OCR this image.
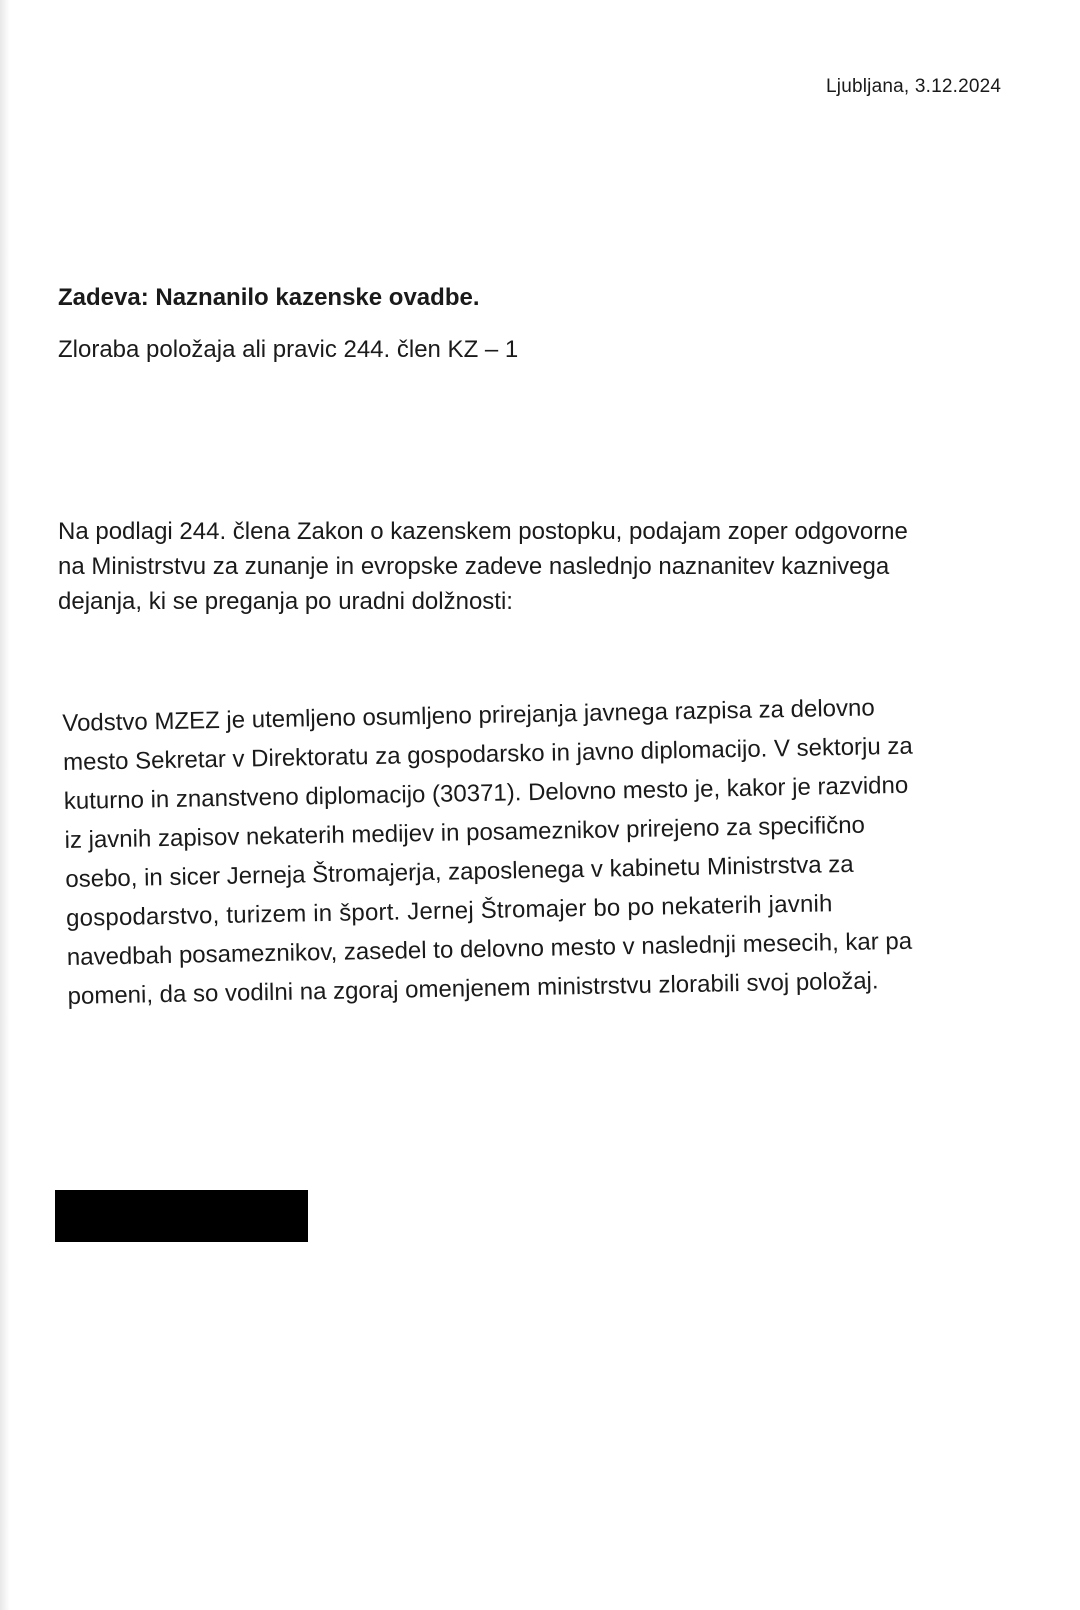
Ljubljana, 3.12.2024
Zadeva: Naznanilo kazenske ovadbe.
Zloraba položaja ali pravic 244. člen KZ – 1
Na podlagi 244. člena Zakon o kazenskem postopku, podajam zoper odgovorne
na Ministrstvu za zunanje in evropske zadeve naslednjo naznanitev kaznivega
dejanja, ki se preganja po uradni dolžnosti:
Vodstvo MZEZ je utemljeno osumljeno prirejanja javnega razpisa za delovno
mesto Sekretar v Direktoratu za gospodarsko in javno diplomacijo. V sektorju za
kuturno in znanstveno diplomacijo (30371). Delovno mesto je, kakor je razvidno
iz javnih zapisov nekaterih medijev in posameznikov prirejeno za specifično
osebo, in sicer Jerneja Štromajerja, zaposlenega v kabinetu Ministrstva za
gospodarstvo, turizem in šport. Jernej Štromajer bo po nekaterih javnih
navedbah posameznikov, zasedel to delovno mesto v naslednji mesecih, kar pa
pomeni, da so vodilni na zgoraj omenjenem ministrstvu zlorabili svoj položaj.
